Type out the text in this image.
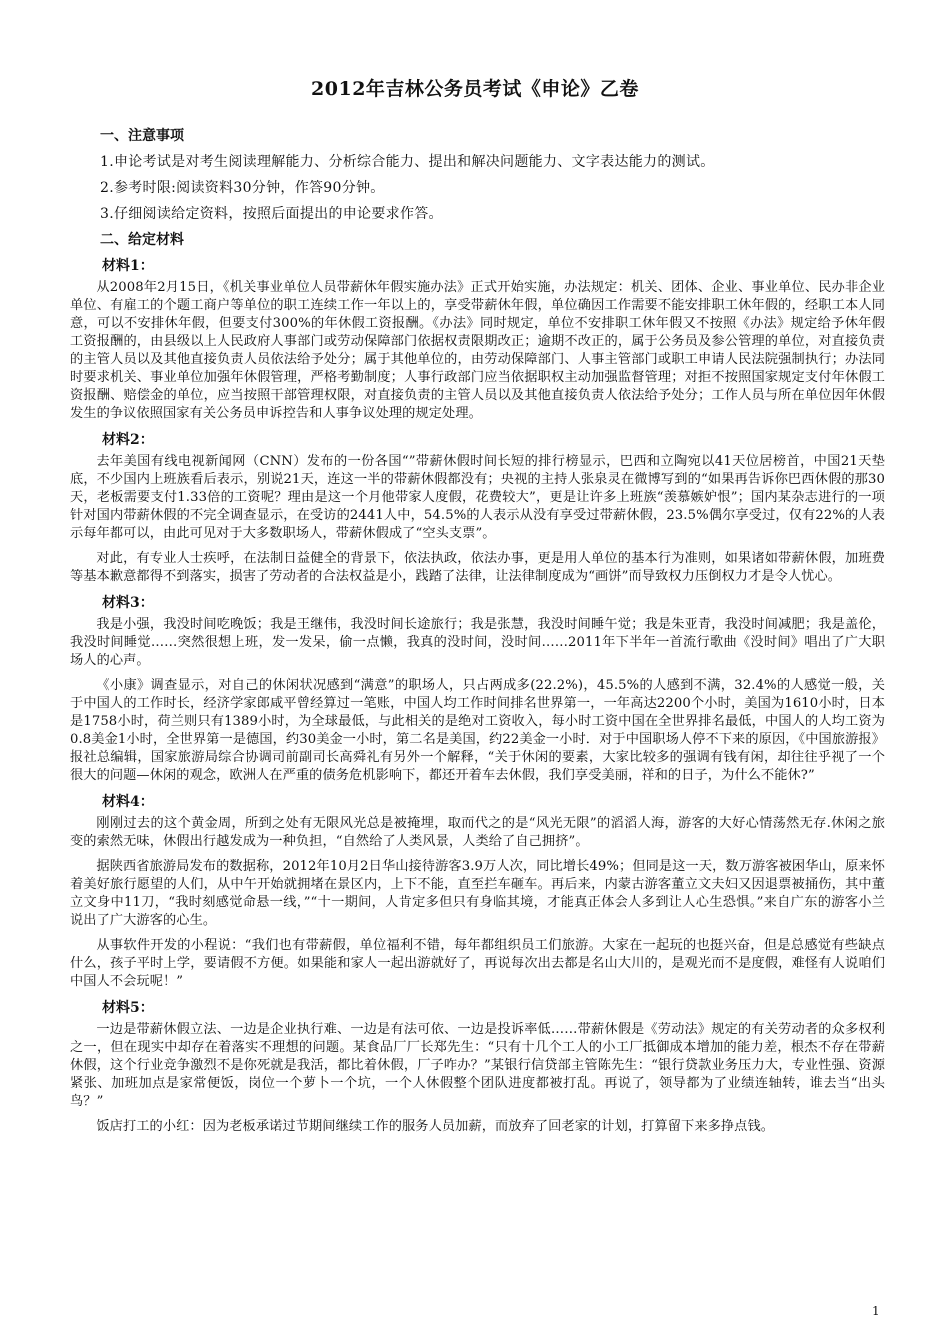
2012年吉林公务员考试《申论》乙卷
一、注意事项
1.申论考试是对考生阅读理解能力、分析综合能力、提出和解决问题能力、文字表达能力的测试。
2.参考时限:阅读资料30分钟，作答90分钟。
3.仔细阅读给定资料，按照后面提出的申论要求作答。
二、给定材料
材料1：
从2008年2月15日，《机关事业单位人员带薪休年假实施办法》正式开始实施，办法规定：机关、团体、企业、事业单位、民办非企业单位、有雇工的个题工商户等单位的职工连续工作一年以上的，享受带薪休年假，单位确因工作需要不能安排职工休年假的，经职工本人同意，可以不安排休年假，但要支付300%的年休假工资报酬。《办法》同时规定，单位不安排职工休年假又不按照《办法》规定给予休年假工资报酬的，由县级以上人民政府人事部门或劳动保障部门依据权责限期改正；逾期不改正的，属于公务员及参公管理的单位，对直接负责的主管人员以及其他直接负责人员依法给予处分；属于其他单位的，由劳动保障部门、人事主管部门或职工申请人民法院强制执行；办法同时要求机关、事业单位加强年休假管理，严格考勤制度；人事行政部门应当依据职权主动加强监督管理；对拒不按照国家规定支付年休假工资报酬、赔偿金的单位，应当按照干部管理权限，对直接负责的主管人员以及其他直接负责人依法给予处分；工作人员与所在单位因年休假发生的争议依照国家有关公务员申诉控告和人事争议处理的规定处理。
材料2：
去年美国有线电视新闻网（CNN）发布的一份各国“”带薪休假时间长短的排行榜显示，巴西和立陶宛以41天位居榜首，中国21天垫底，不少国内上班族看后表示，别说21天，连这一半的带薪休假都没有；央视的主持人张泉灵在微博写到的“如果再告诉你巴西休假的那30天，老板需要支付1.33倍的工资呢？理由是这一个月他带家人度假，花费较大”，更是让许多上班族“羡慕嫉妒恨”；国内某杂志进行的一项针对国内带薪休假的不完全调查显示，在受访的2441人中，54.5%的人表示从没有享受过带薪休假，23.5%偶尔享受过，仅有22%的人表示每年都可以，由此可见对于大多数职场人，带薪休假成了“空头支票”。
对此，有专业人士疾呼，在法制日益健全的背景下，依法执政，依法办事，更是用人单位的基本行为准则，如果诸如带薪休假，加班费等基本歉意都得不到落实，损害了劳动者的合法权益是小，践踏了法律，让法律制度成为“画饼”而导致权力压倒权力才是令人忧心。
材料3：
我是小强，我没时间吃晚饭；我是王继伟，我没时间长途旅行；我是张慧，我没时间睡午觉；我是朱亚青，我没时间减肥；我是盖伦，我没时间睡觉……突然很想上班，发一发呆，偷一点懒，我真的没时间，没时间……2011年下半年一首流行歌曲《没时间》唱出了广大职场人的心声。
《小康》调查显示，对自己的休闲状况感到“满意”的职场人，只占两成多(22.2%)，45.5%的人感到不满，32.4%的人感觉一般，关于中国人的工作时长，经济学家郎咸平曾经算过一笔账，中国人均工作时间排名世界第一，一年高达2200个小时，美国为1610小时，日本是1758小时，荷兰则只有1389小时，为全球最低，与此相关的是绝对工资收入，每小时工资中国在全世界排名最低，中国人的人均工资为0.8美金1小时，全世界第一是德国，约30美金一小时，第二名是美国，约22美金一小时．对于中国职场人停不下来的原因，《中国旅游报》报社总编辑，国家旅游局综合协调司前副司长高舜礼有另外一个解释，“关于休闲的要素，大家比较多的强调有钱有闲，却往往乎视了一个很大的问题—休闲的观念，欧洲人在严重的债务危机影响下，都还开着车去休假，我们享受美丽，祥和的日子，为什么不能休?”
材料4：
刚刚过去的这个黄金周，所到之处有无限风光总是被掩埋，取而代之的是“风光无限”的滔滔人海，游客的大好心情荡然无存.休闲之旅变的索然无味，休假出行越发成为一种负担，“自然给了人类风景，人类给了自己拥挤”。
据陕西省旅游局发布的数据称，2012年10月2日华山接待游客3.9万人次，同比增长49%；但同是这一天，数万游客被困华山，原来怀着美好旅行愿望的人们，从中午开始就拥堵在景区内，上下不能，直至拦车砸车。再后来，内蒙古游客董立文夫妇又因退票被捅伤，其中董立文身中11刀，“我时刻感觉命悬一线，”“十一期间，人肯定多但只有身临其境，才能真正体会人多到让人心生恐惧。”来自广东的游客小兰说出了广大游客的心生。
从事软件开发的小程说：“我们也有带薪假，单位福利不错，每年都组织员工们旅游。大家在一起玩的也挺兴奋，但是总感觉有些缺点什么，孩子平时上学，要请假不方便。如果能和家人一起出游就好了，再说每次出去都是名山大川的，是观光而不是度假，难怪有人说咱们中国人不会玩呢！”
材料5：
一边是带薪休假立法、一边是企业执行难、一边是有法可依、一边是投诉率低……带薪休假是《劳动法》规定的有关劳动者的众多权利之一，但在现实中却存在着落实不理想的问题。某食品厂厂长郑先生：“只有十几个工人的小工厂抵御成本增加的能力差，根杰不存在带薪休假，这个行业竞争激烈不是你死就是我活，都比着休假，厂子咋办？”某银行信贷部主管陈先生：“银行贷款业务压力大，专业性强、资源紧张、加班加点是家常便饭，岗位一个萝卜一个坑，一个人休假整个团队进度都被打乱。再说了，领导都为了业绩连轴转，谁去当“出头鸟？”
饭店打工的小红：因为老板承诺过节期间继续工作的服务人员加薪，而放弃了回老家的计划，打算留下来多挣点钱。
1
